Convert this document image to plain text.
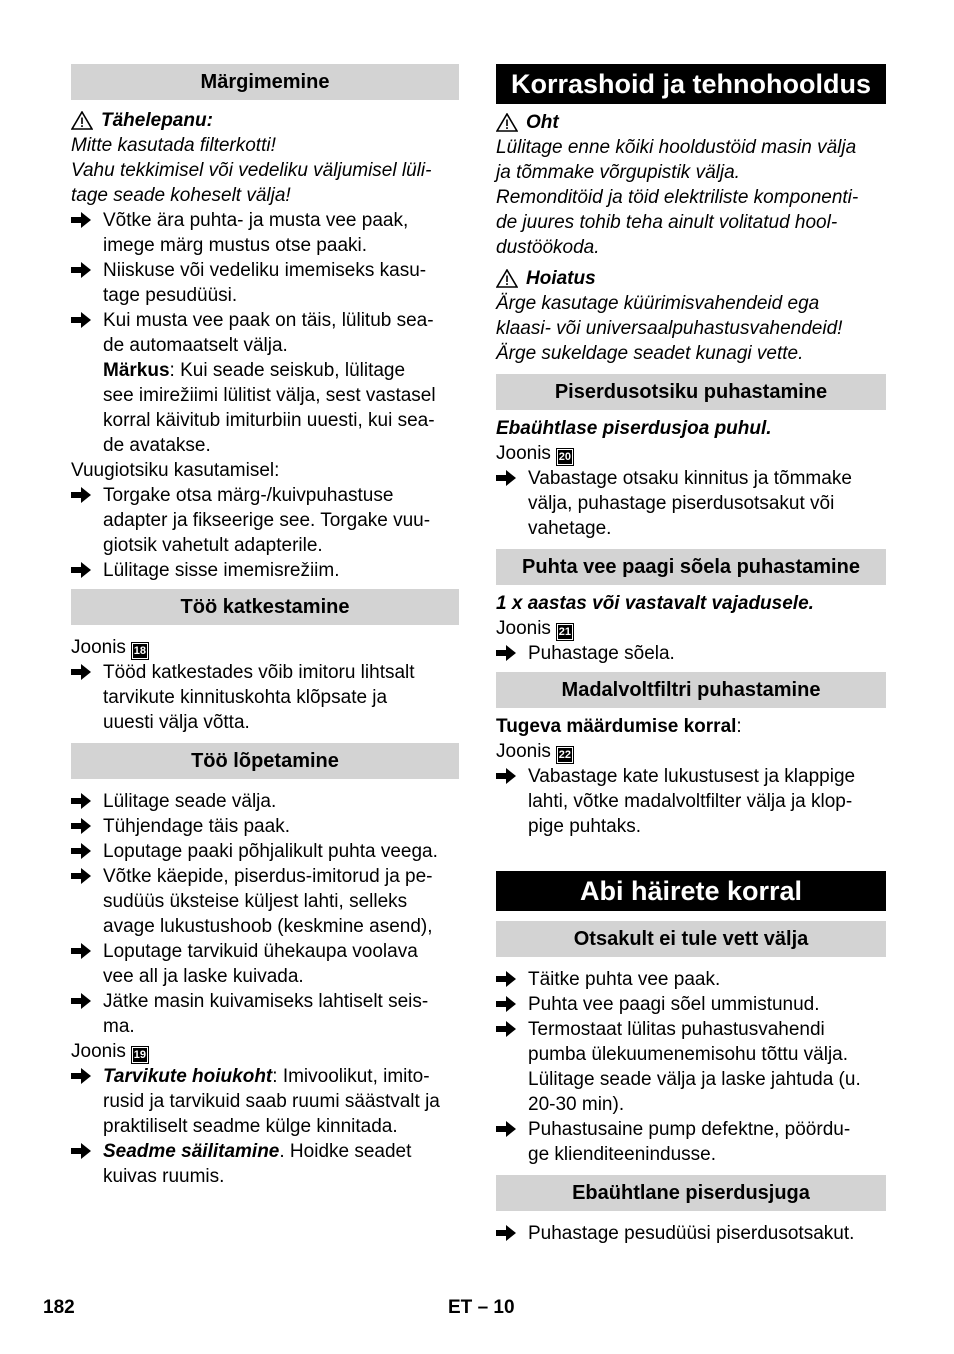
Märgimemine
Tähelepanu:

Mitte kasutada filterkotti!
Vahu tekkimisel või vedeliku väljumisel lüli-
tage seade koheselt välja!

Võtke ära puhta- ja musta vee paak,
imege märg mustus otse paaki.
Niiskuse või vedeliku imemiseks kasu-
tage pesudüüsi.
Kui musta vee paak on täis, lülitub sea-
de automaatselt välja.
Märkus: Kui seade seiskub, lülitage
see imirežiimi lülitist välja, sest vastasel
korral käivitub imiturbiin uuesti, kui sea-
de avatakse.

Vuugiotsiku kasutamisel:

Torgake otsa märg-/kuivpuhastuse
adapter ja fikseerige see. Torgake vuu-
giotsik vahetult adapterile.
Lülitage sisse imemisrežiim.
Töö katkestamine

Joonis 18

Tööd katkestades võib imitoru lihtsalt
tarvikute kinnituskohta klõpsate ja
uuesti välja võtta.
Töö lõpetamine
Lülitage seade välja.
Tühjendage täis paak.
Loputage paaki põhjalikult puhta veega.
Võtke käepide, piserdus-imitorud ja pe-
sudüüs üksteise küljest lahti, selleks
avage lukustushoob (keskmine asend),
Loputage tarvikuid ühekaupa voolava
vee all ja laske kuivada.
Jätke masin kuivamiseks lahtiselt seis-
ma.

Joonis 19

Tarvikute hoiukoht: Imivoolikut, imito-
rusid ja tarvikuid saab ruumi säästvalt ja
praktiliselt seadme külge kinnitada.
Seadme säilitamine. Hoidke seadet
kuivas ruumis.
Korrashoid ja tehnohooldus
Oht

Lülitage enne kõiki hooldustöid masin välja
ja tõmmake võrgupistik välja.
Remonditöid ja töid elektriliste komponenti-
de juures tohib teha ainult volitatud hool-
dustöökoda.

Hoiatus

Ärge kasutage küürimisvahendeid ega
klaasi- või universaalpuhastusvahendeid!
Ärge sukeldage seadet kunagi vette.

Piserdusotsiku puhastamine

Ebaühtlase piserdusjoa puhul.

Joonis 20

Vabastage otsaku kinnitus ja tõmmake
välja, puhastage piserdusotsakut või
vahetage.
Puhta vee paagi sõela puhastamine

1 x aastas või vastavalt vajadusele.

Joonis 21

Puhastage sõela.
Madalvoltfiltri puhastamine

Tugeva määrdumise korral:

Joonis 22

Vabastage kate lukustusest ja klappige
lahti, võtke madalvoltfilter välja ja klop-
pige puhtaks.
Abi häirete korral
Otsakult ei tule vett välja
Täitke puhta vee paak.
Puhta vee paagi sõel ummistunud.
Termostaat lülitas puhastusvahendi
pumba ülekuumenemisohu tõttu välja.
Lülitage seade välja ja laske jahtuda (u.
20-30 min).
Puhastusaine pump defektne, pöördu-
ge klienditeenindusse.
Ebaühtlane piserdusjuga
Puhastage pesudüüsi piserdusotsakut.
182	ET – 10
